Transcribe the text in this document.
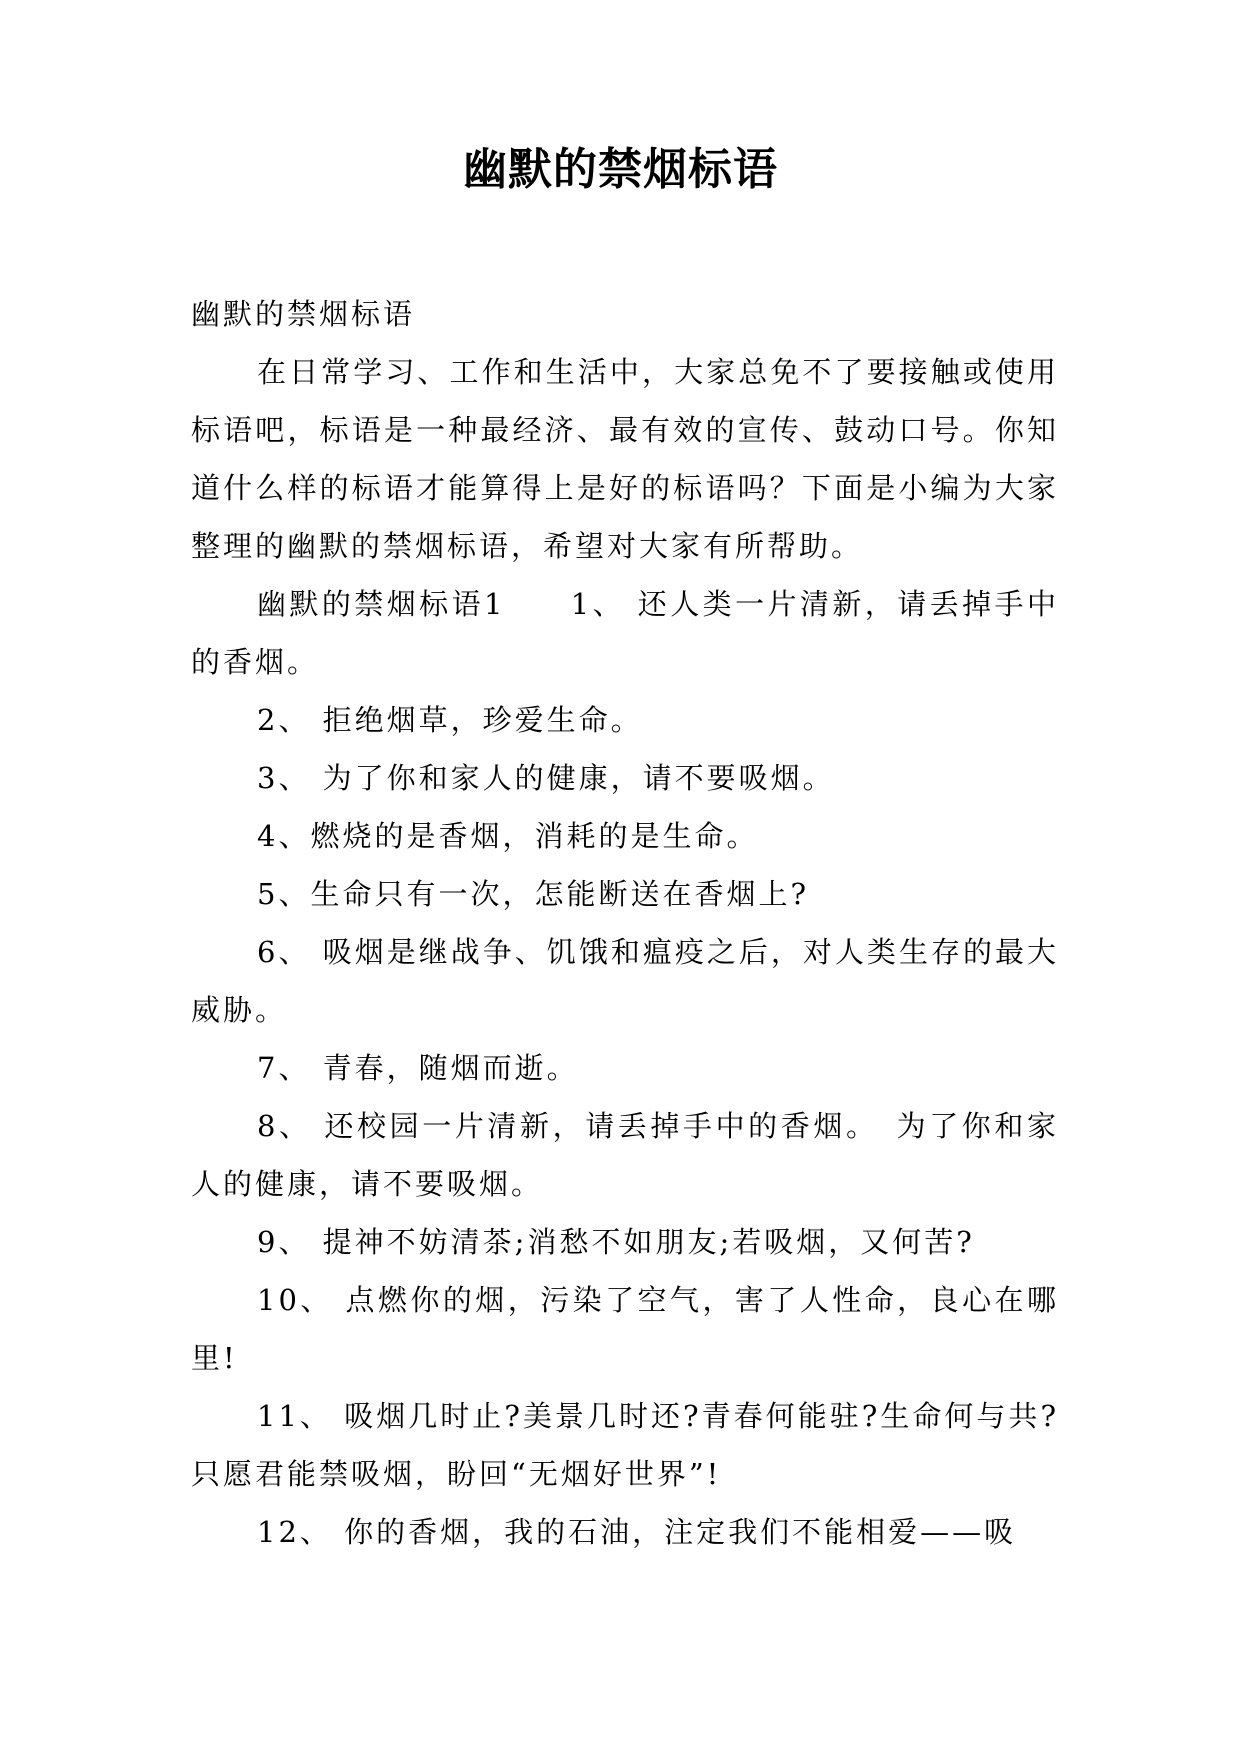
幽默的禁烟标语

幽默的禁烟标语

在日常学习、工作和生活中，大家总免不了要接触或使用标语吧，标语是一种最经济、最有效的宣传、鼓动口号。你知道什么样的标语才能算得上是好的标语吗？下面是小编为大家整理的幽默的禁烟标语，希望对大家有所帮助。

幽默的禁烟标语1　　1、 还人类一片清新，请丢掉手中的香烟。

2、 拒绝烟草，珍爱生命。

3、 为了你和家人的健康，请不要吸烟。

4、燃烧的是香烟，消耗的是生命。

5、生命只有一次，怎能断送在香烟上?

6、 吸烟是继战争、饥饿和瘟疫之后，对人类生存的最大威胁。

7、 青春，随烟而逝。

8、 还校园一片清新，请丢掉手中的香烟。　为了你和家人的健康，请不要吸烟。

9、 提神不妨清茶;消愁不如朋友;若吸烟，又何苦?

10、 点燃你的烟，污染了空气，害了人性命，良心在哪里!

11、 吸烟几时止?美景几时还?青春何能驻?生命何与共?只愿君能禁吸烟，盼回“无烟好世界”!

12、 你的香烟，我的石油，注定我们不能相爱——吸
